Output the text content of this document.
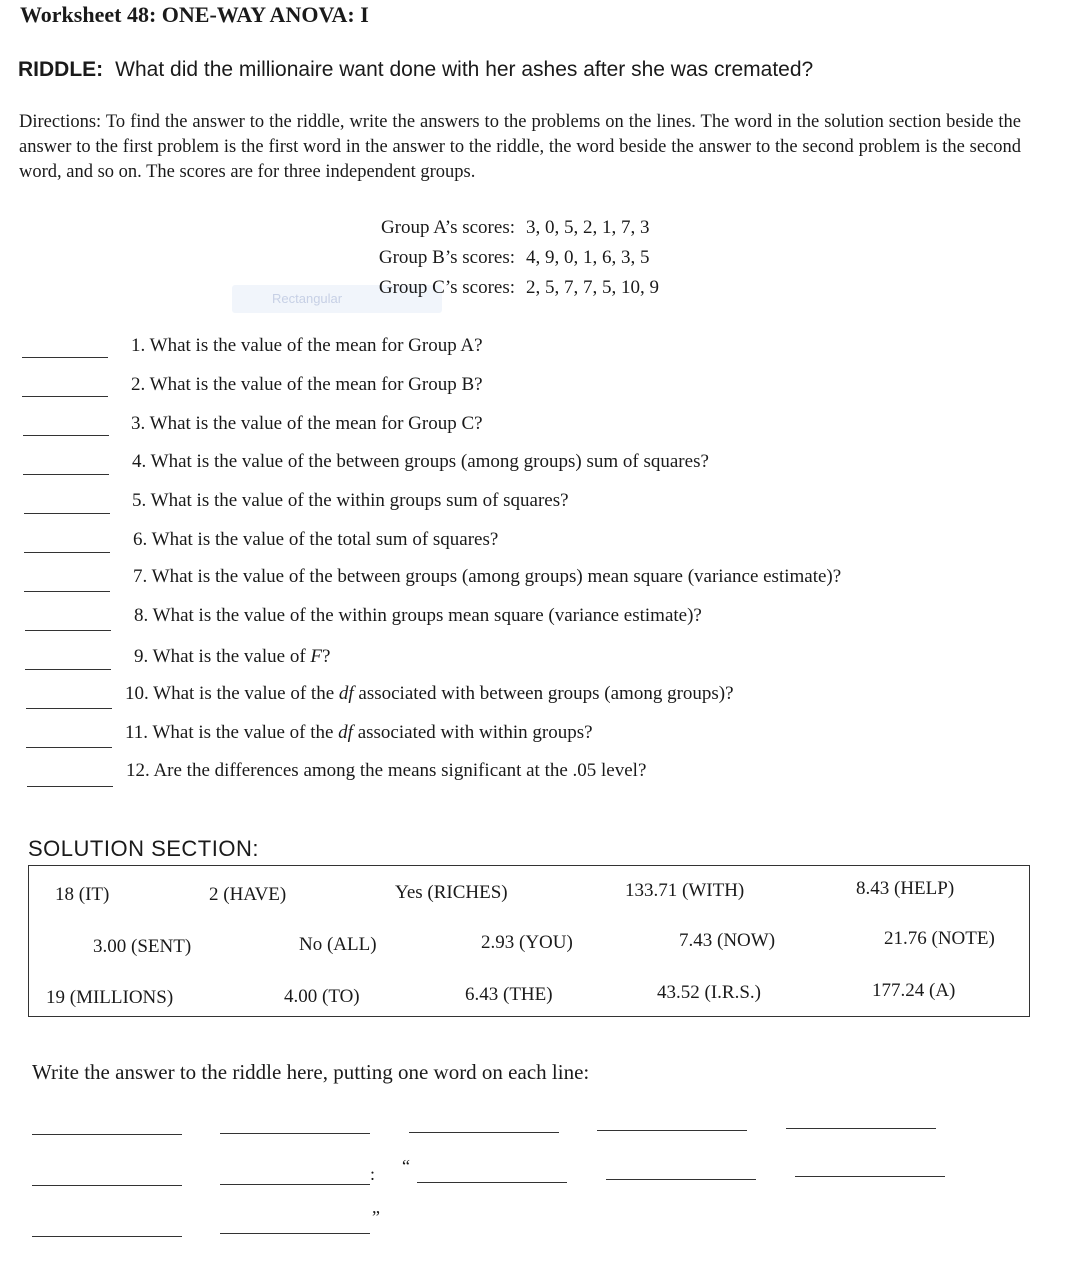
Worksheet 48: ONE-WAY ANOVA: I
RIDDLE: What did the millionaire want done with her ashes after she was cremated?
Directions: To find the answer to the riddle, write the answers to the problems on the lines. The word in the solution section beside the answer to the first problem is the first word in the answer to the riddle, the word beside the answer to the second problem is the second word, and so on. The scores are for three independent groups.
Rectangular
Group A’s scores: 3, 0, 5, 2, 1, 7, 3
Group B’s scores: 4, 9, 0, 1, 6, 3, 5
Group C’s scores: 2, 5, 7, 7, 5, 10, 9
1. What is the value of the mean for Group A?
2. What is the value of the mean for Group B?
3. What is the value of the mean for Group C?
4. What is the value of the between groups (among groups) sum of squares?
5. What is the value of the within groups sum of squares?
6. What is the value of the total sum of squares?
7. What is the value of the between groups (among groups) mean square (variance estimate)?
8. What is the value of the within groups mean square (variance estimate)?
9. What is the value of F?
10. What is the value of the df associated with between groups (among groups)?
11. What is the value of the df associated with within groups?
12. Are the differences among the means significant at the .05 level?
SOLUTION SECTION:
18 (IT)	2 (HAVE)	Yes (RICHES)	133.71 (WITH)	8.43 (HELP)
3.00 (SENT)	No (ALL)	2.93 (YOU)	7.43 (NOW)	21.76 (NOTE)
19 (MILLIONS)	4.00 (TO)	6.43 (THE)	43.52 (I.R.S.)	177.24 (A)
Write the answer to the riddle here, putting one word on each line:
: “
”
